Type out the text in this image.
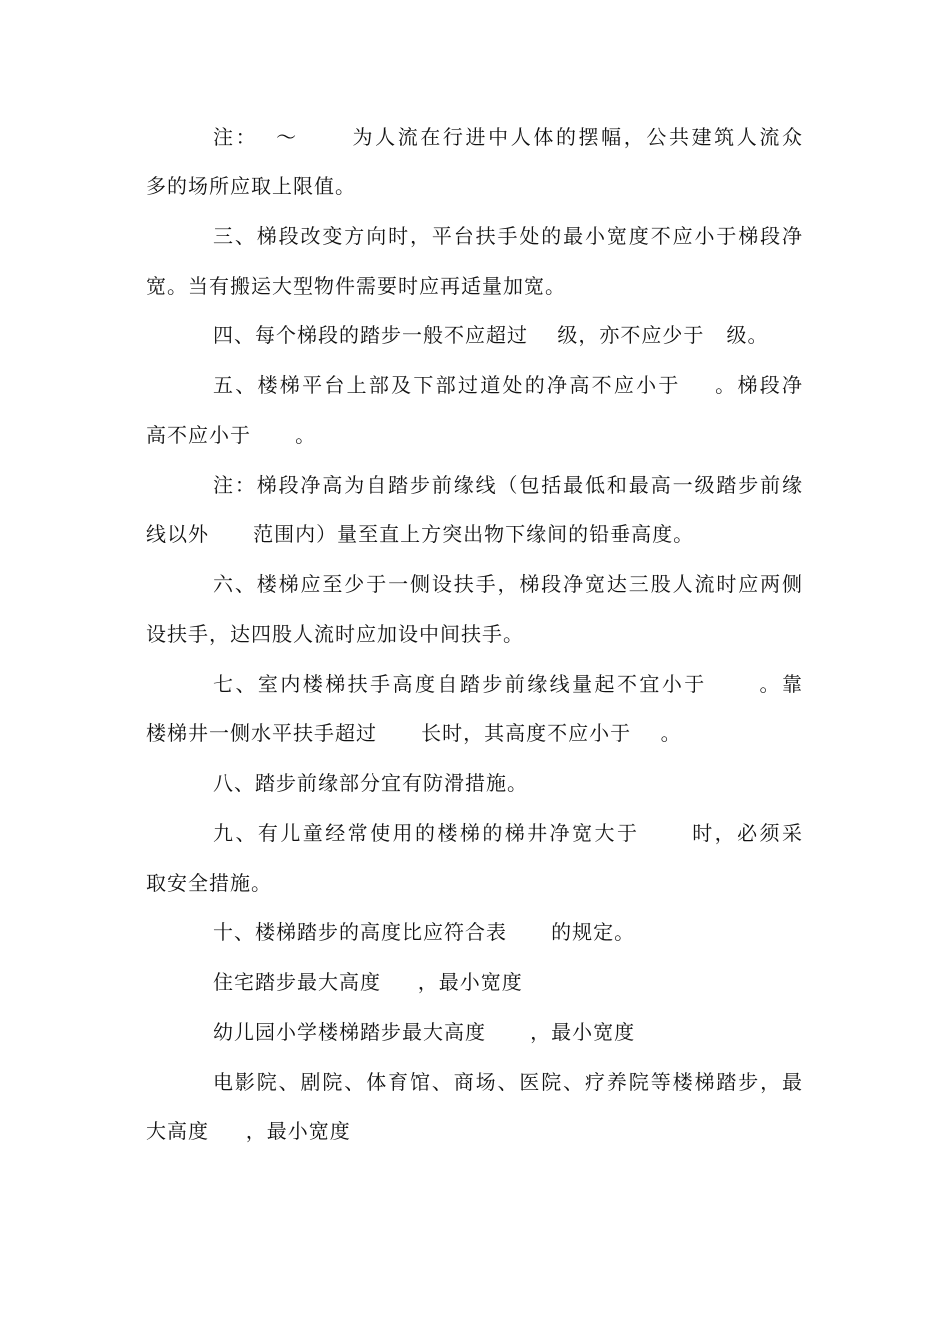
注：  ～      为人流在行进中人体的摆幅，公共建筑人流众
多的场所应取上限值。
三、梯段改变方向时，平台扶手处的最小宽度不应小于梯段净
宽。当有搬运大型物件需要时应再适量加宽。
四、每个梯段的踏步一般不应超过    级，亦不应少于   级。
五、楼梯平台上部及下部过道处的净高不应小于    。梯段净
高不应小于      。
注：梯段净高为自踏步前缘线（包括最低和最高一级踏步前缘
线以外      范围内）量至直上方突出物下缘间的铅垂高度。
六、楼梯应至少于一侧设扶手，梯段净宽达三股人流时应两侧
设扶手，达四股人流时应加设中间扶手。
七、室内楼梯扶手高度自踏步前缘线量起不宜小于      。靠
楼梯井一侧水平扶手超过      长时，其高度不应小于    。
八、踏步前缘部分宜有防滑措施。
九、有儿童经常使用的楼梯的梯井净宽大于      时，必须采
取安全措施。
十、楼梯踏步的高度比应符合表      的规定。
住宅踏步最大高度     ，最小宽度
幼儿园小学楼梯踏步最大高度      ，最小宽度
电影院、剧院、体育馆、商场、医院、疗养院等楼梯踏步，最
大高度     ，最小宽度
